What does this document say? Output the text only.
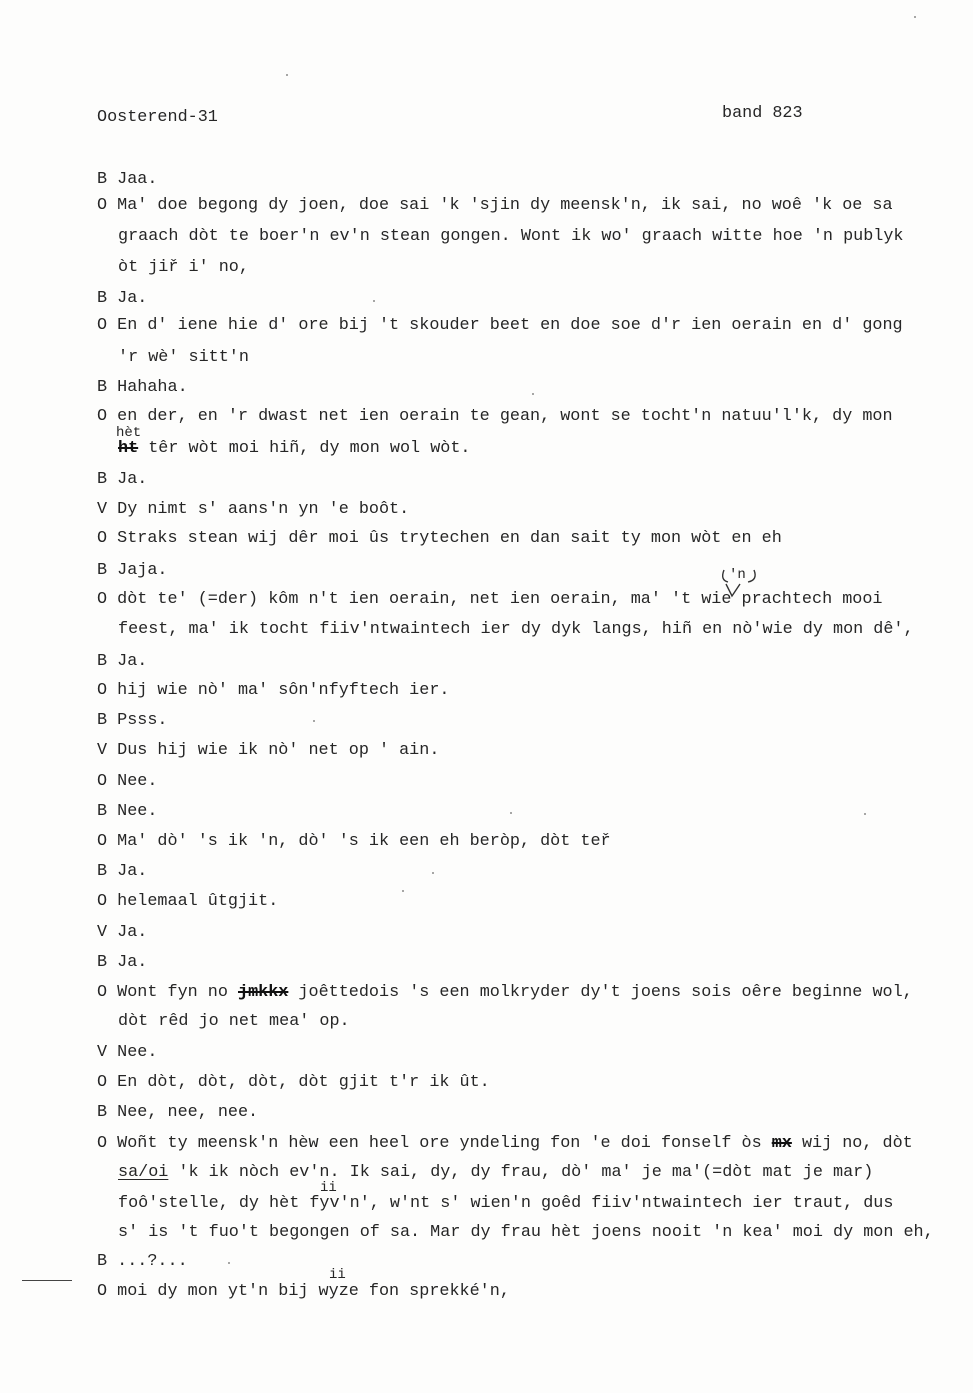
Oosterend-31	band 823
B Jaa.
O Ma' doe begong dy joen, doe sai 'k 'sjin dy meensk'n, ik sai, no woê 'k oe sa
graach dòt te boer'n ev'n stean gongen. Wont ik wo' graach witte hoe 'n publyk
òt jiř i' no,
B Ja.
O En d' iene hie d' ore bij 't skouder beet en doe soe d'r ien oerain en d' gong
'r wè' sitt'n
B Hahaha.
O en der, en 'r dwast net ien oerain te gean, wont se tocht'n natuu'l'k, dy mon
hèt
ht têr wòt moi hiñ, dy mon wol wòt.
B Ja.
V Dy nimt s' aans'n yn 'e boôt.
O Straks stean wij dêr moi ûs trytechen en dan sait ty mon wòt en eh
B Jaja.	'n
O dòt te' (=der) kôm n't ien oerain, net ien oerain, ma' 't wie prachtech mooi
feest, ma' ik tocht fiiv'ntwaintech ier dy dyk langs, hiñ en nò'wie dy mon dê',
B Ja.
O hij wie nò' ma' sôn'nfyftech ier.
B Psss.
V Dus hij wie ik nò' net op ' ain.
O Nee.
B Nee.
O Ma' dò' 's ik 'n, dò' 's ik een eh beròp, dòt teř
B Ja.
O helemaal ûtgjit.
V Ja.
B Ja.
O Wont fyn no jmkkx joêttedois 's een molkryder dy't joens sois oêre beginne wol,
dòt rêd jo net mea' op.
V Nee.
O En dòt, dòt, dòt, dòt gjit t'r ik ût.
B Nee, nee, nee.
O Woñt ty meensk'n hèw een heel ore yndeling fon 'e doi fonself òs mx wij no, dòt
sa/oi 'k ik nòch ev'n. Ik sai, dy, dy frau, dò' ma' je ma'(=dòt mat je mar)
ii
foô'stelle, dy hèt fyv'n', w'nt s' wien'n goêd fiiv'ntwaintech ier traut, dus
s' is 't fuo't begongen of sa. Mar dy frau hèt joens nooit 'n kea' moi dy mon eh,
B ...?...
ii
O moi dy mon yt'n bij wyze fon sprekké'n,
